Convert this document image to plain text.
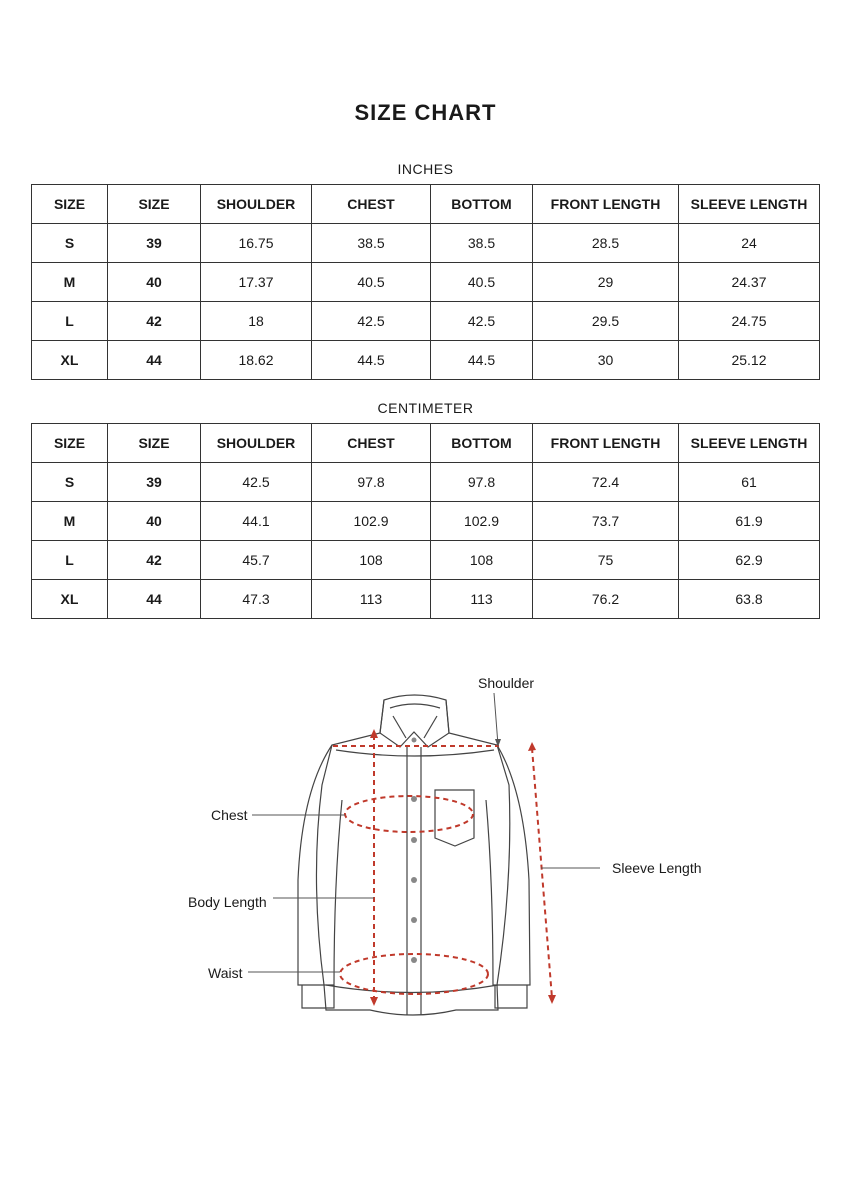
SIZE CHART
INCHES
SIZE	SIZE	SHOULDER	CHEST	BOTTOM	FRONT LENGTH	SLEEVE LENGTH
S	39	16.75	38.5	38.5	28.5	24
M	40	17.37	40.5	40.5	29	24.37
L	42	18	42.5	42.5	29.5	24.75
XL	44	18.62	44.5	44.5	30	25.12
CENTIMETER
SIZE	SIZE	SHOULDER	CHEST	BOTTOM	FRONT LENGTH	SLEEVE LENGTH
S	39	42.5	97.8	97.8	72.4	61
M	40	44.1	102.9	102.9	73.7	61.9
L	42	45.7	108	108	75	62.9
XL	44	47.3	113	113	76.2	63.8
Shoulder
Chest
Sleeve Length
Body Length
Waist
